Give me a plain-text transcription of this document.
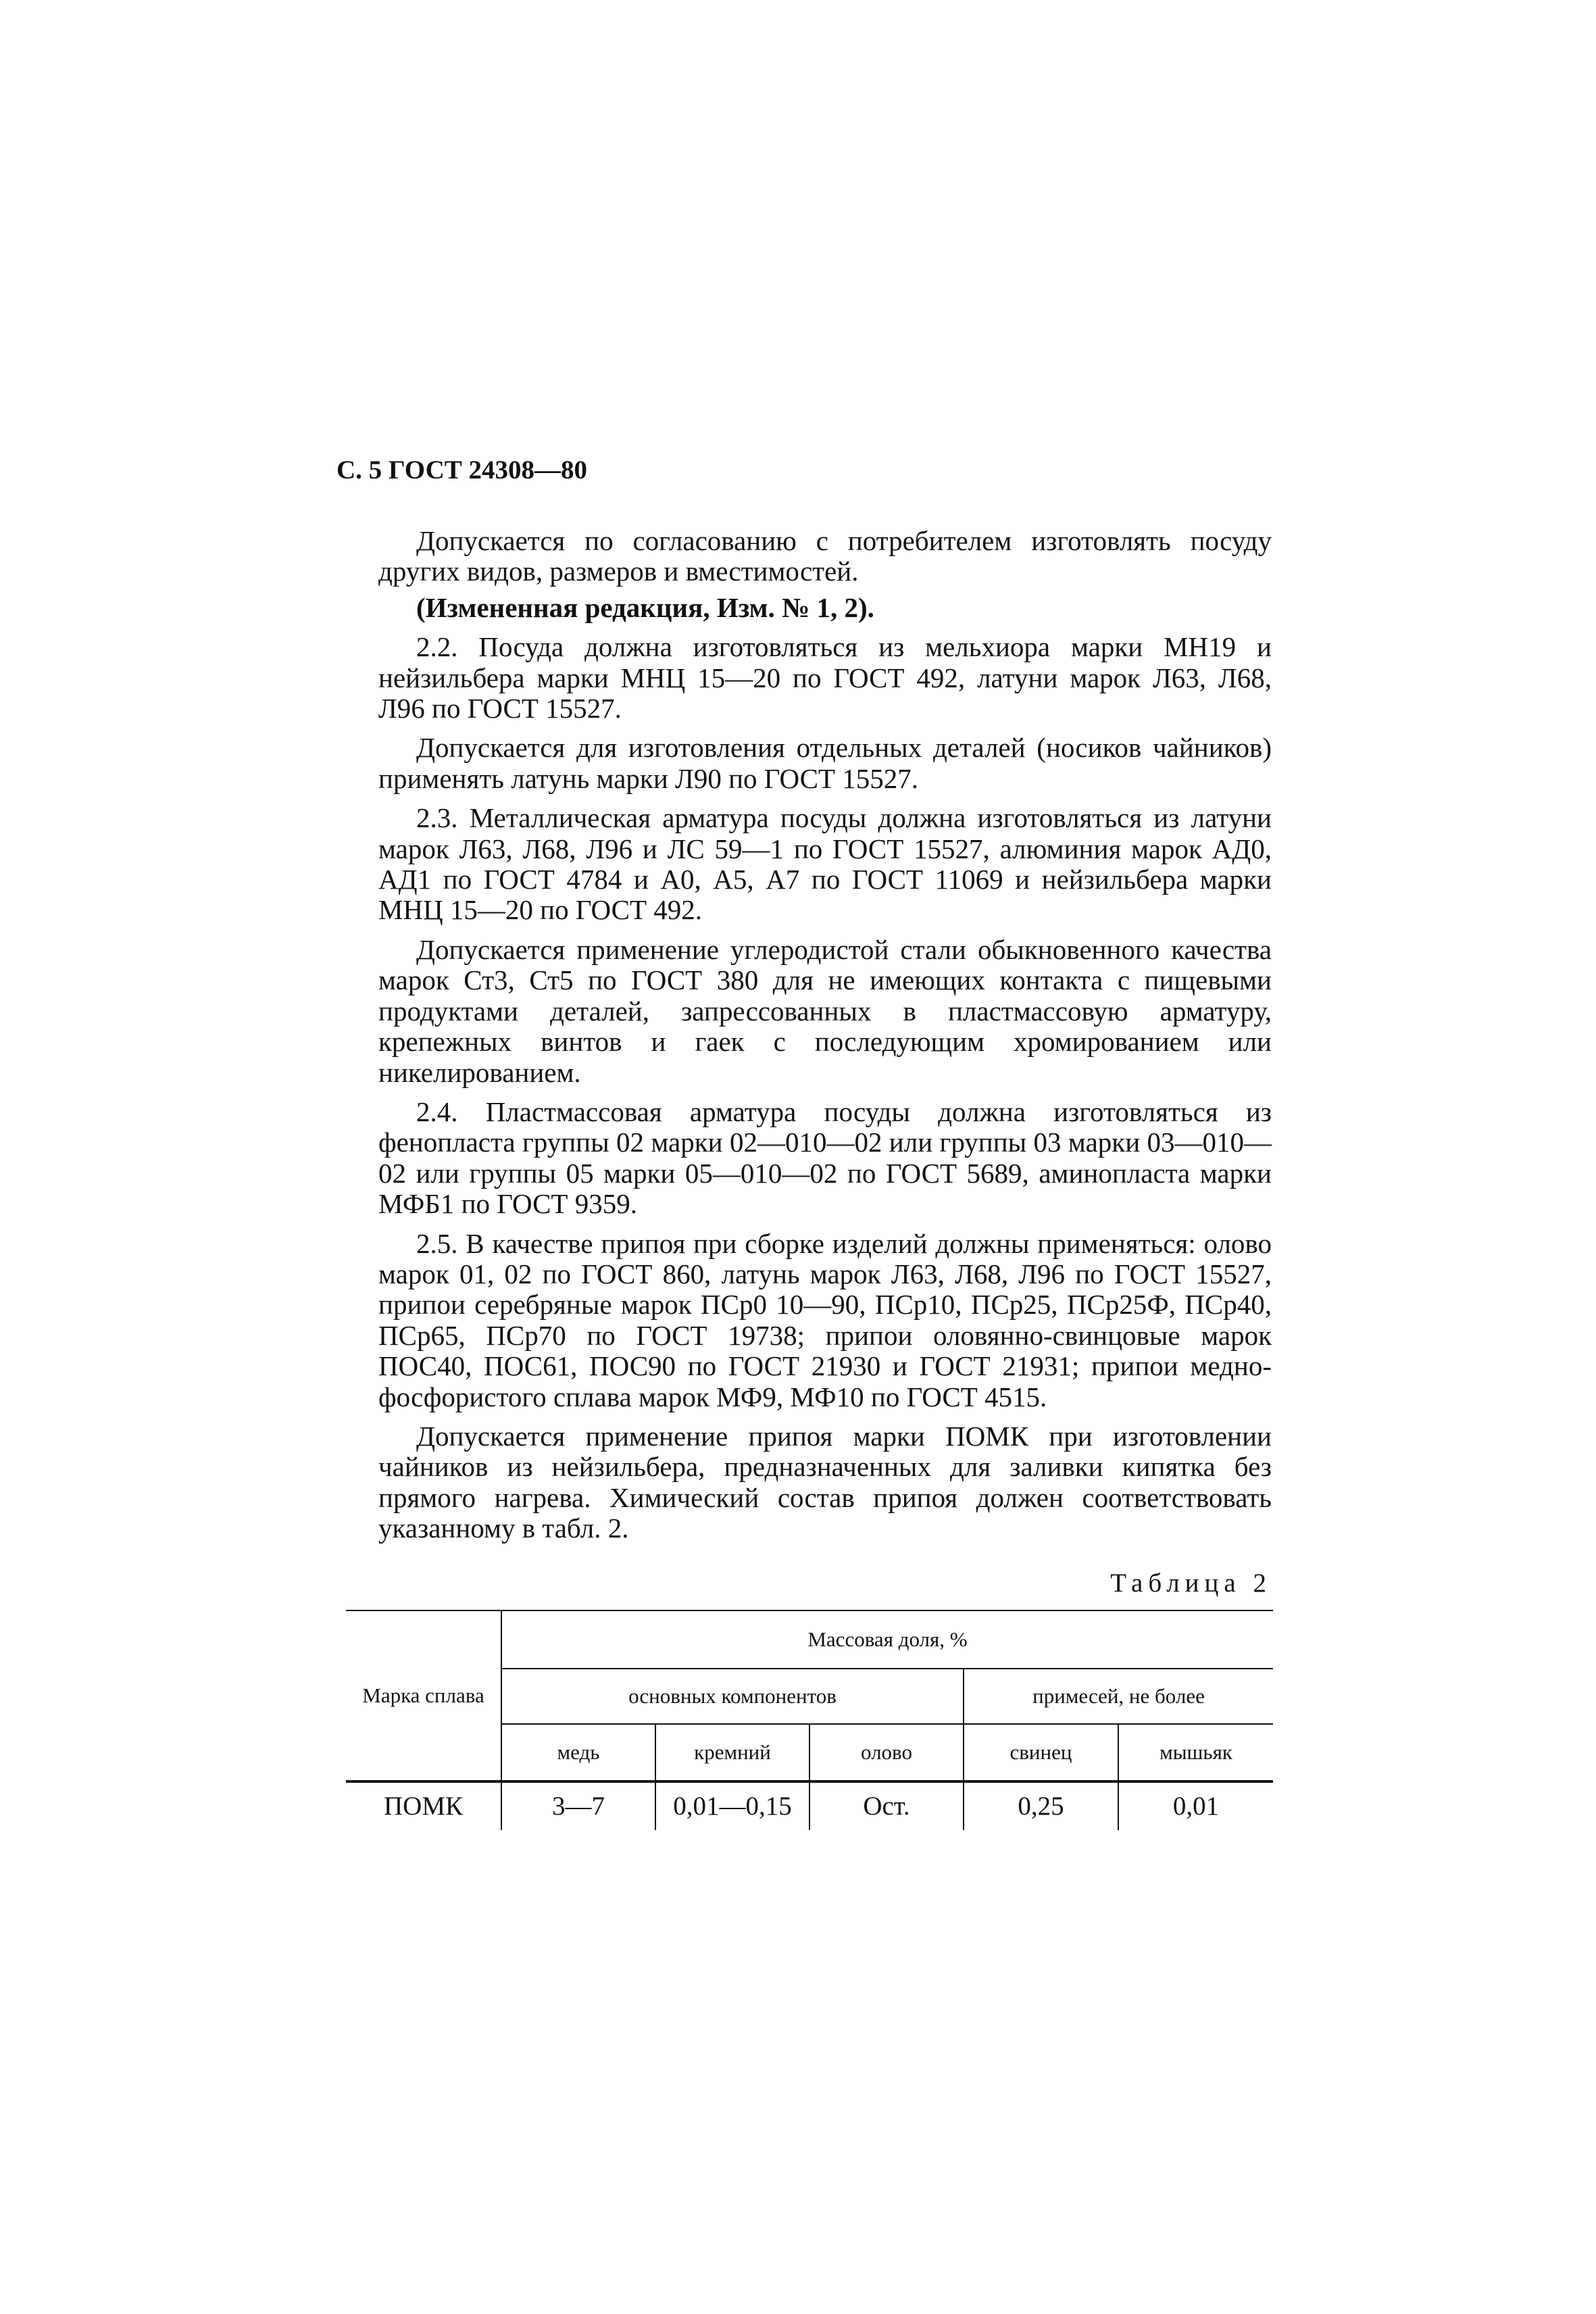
С. 5 ГОСТ 24308—80

Допускается по согласованию с потребителем изготовлять посуду других видов, размеров и вместимостей.

(Измененная редакция, Изм. № 1, 2).

2.2. Посуда должна изготовляться из мельхиора марки МН19 и нейзильбера марки МНЦ 15—20 по ГОСТ 492, латуни марок Л63, Л68, Л96 по ГОСТ 15527.

Допускается для изготовления отдельных деталей (носиков чайников) применять латунь марки Л90 по ГОСТ 15527.

2.3. Металлическая арматура посуды должна изготовляться из латуни марок Л63, Л68, Л96 и ЛС 59—1 по ГОСТ 15527, алюминия марок АД0, АД1 по ГОСТ 4784 и А0, А5, А7 по ГОСТ 11069 и нейзильбера марки МНЦ 15—20 по ГОСТ 492.

Допускается применение углеродистой стали обыкновенного качества марок Ст3, Ст5 по ГОСТ 380 для не имеющих контакта с пищевыми продуктами деталей, запрессованных в пластмассовую арматуру, крепежных винтов и гаек с последующим хромированием или никелированием.

2.4. Пластмассовая арматура посуды должна изготовляться из фенопласта группы 02 марки 02—010—02 или группы 03 марки 03—010—02 или группы 05 марки 05—010—02 по ГОСТ 5689, аминопласта марки МФБ1 по ГОСТ 9359.

2.5. В качестве припоя при сборке изделий должны применяться: олово марок 01, 02 по ГОСТ 860, латунь марок Л63, Л68, Л96 по ГОСТ 15527, припои серебряные марок ПСр0 10—90, ПСр10, ПСр25, ПСр25Ф, ПСр40, ПСр65, ПСр70 по ГОСТ 19738; припои оловянно-свинцовые марок ПОС40, ПОС61, ПОС90 по ГОСТ 21930 и ГОСТ 21931; припои медно-фосфористого сплава марок МФ9, МФ10 по ГОСТ 4515.

Допускается применение припоя марки ПОМК при изготовлении чайников из нейзильбера, предназначенных для заливки кипятка без прямого нагрева. Химический состав припоя должен соответствовать указанному в табл. 2.

Таблица 2
Марка сплава	Массовая доля, %				
	основных компонентов			примесей, не более	
	медь	кремний	олово	свинец	мышьяк
ПОМК	3—7	0,01—0,15	Ост.	0,25	0,01
